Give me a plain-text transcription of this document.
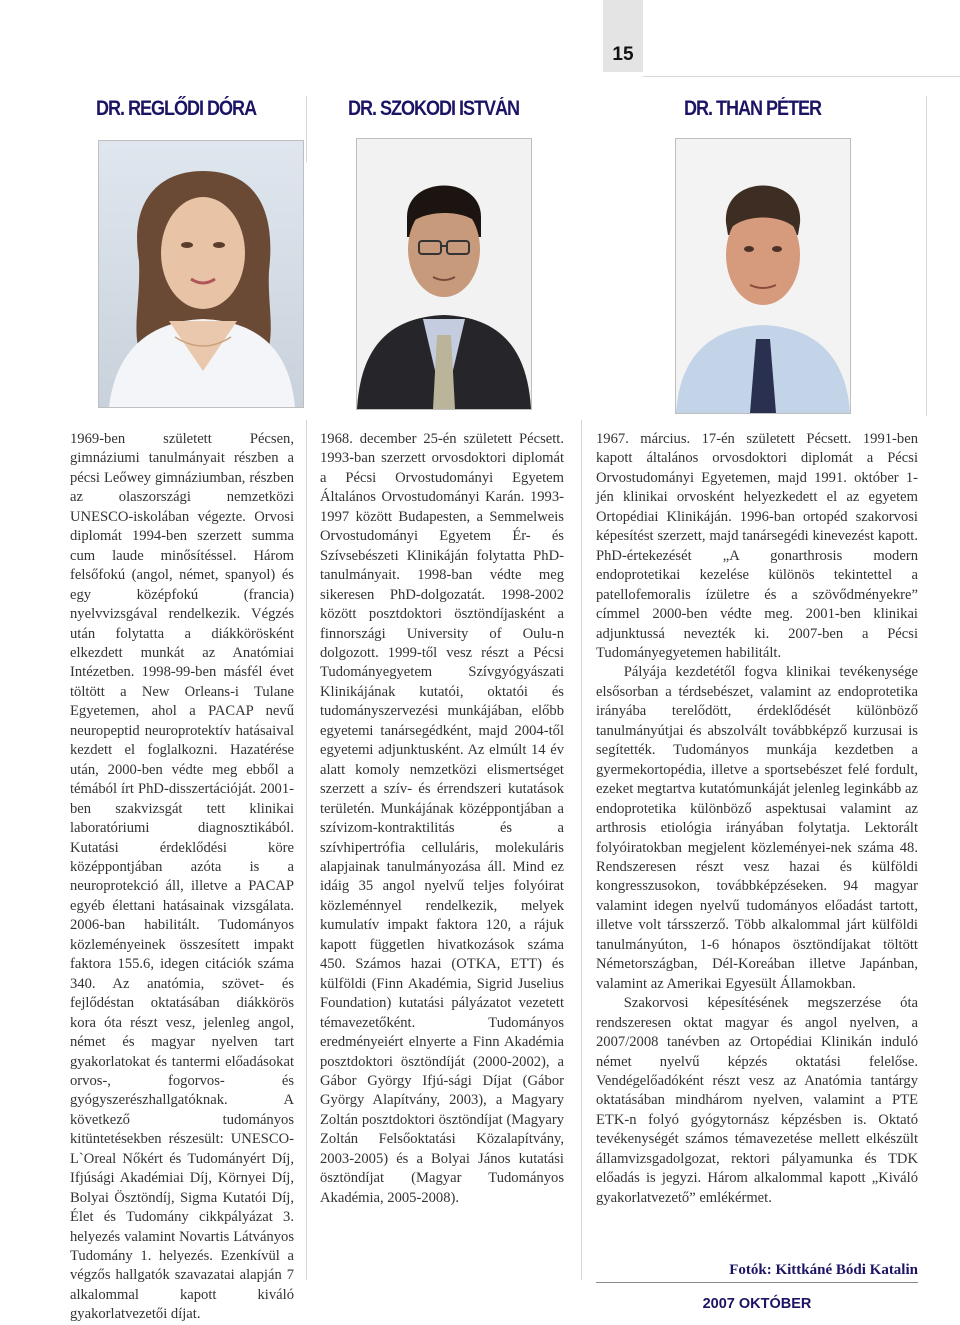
15
DR. REGLŐDI DÓRA	DR. SZOKODI ISTVÁN	DR. THAN PÉTER

1969-ben született Pécsen, gimnáziumi tanulmányait részben a pécsi Leőwey gimnáziumban, részben az olaszországi nemzetközi UNESCO-iskolában végezte. Orvosi diplomát 1994-ben szerzett summa cum laude minősítéssel. Három felsőfokú (angol, német, spanyol) és egy középfokú (francia) nyelvvizsgával rendelkezik. Végzés után folytatta a diákkörösként elkezdett munkát az Anatómiai Intézetben. 1998-99-ben másfél évet töltött a New Orleans-i Tulane Egyetemen, ahol a PACAP nevű neuropeptid neuroprotektív hatásaival kezdett el foglalkozni. Hazatérése után, 2000-ben védte meg ebből a témából írt PhD-disszertációját. 2001-ben szakvizsgát tett klinikai laboratóriumi diagnosztikából. Kutatási érdeklődési köre középpontjában azóta is a neuroprotekció áll, illetve a PACAP egyéb élettani hatásainak vizsgálata. 2006-ban habilitált. Tudományos közleményeinek összesített impakt faktora 155.6, idegen citációk száma 340. Az anatómia, szövet- és fejlődéstan oktatásában diákkörös kora óta részt vesz, jelenleg angol, német és magyar nyelven tart gyakorlatokat és tantermi előadásokat orvos-, fogorvos- és gyógyszerészhallgatóknak. A következő tudományos kitüntetésekben részesült: UNESCO-L`Oreal Nőkért és Tudományért Díj, Ifjúsági Akadémiai Díj, Környei Díj, Bolyai Ösztöndíj, Sigma Kutatói Díj, Élet és Tudomány cikkpályázat 3. helyezés valamint Novartis Látványos Tudomány 1. helyezés. Ezenkívül a végzős hallgatók szavazatai alapján 7 alkalommal kapott kiváló gyakorlatvezetői díjat.

1968. december 25-én született Pécsett. 1993-ban szerzett orvosdoktori diplomát a Pécsi Orvostudományi Egyetem Általános Orvostudományi Karán. 1993-1997 között Budapesten, a Semmelweis Orvostudományi Egyetem Ér- és Szívsebészeti Klinikáján folytatta PhD-tanulmányait. 1998-ban védte meg sikeresen PhD-dolgozatát. 1998-2002 között posztdoktori ösztöndíjasként a finnországi University of Oulu-n dolgozott. 1999-től vesz részt a Pécsi Tudományegyetem Szívgyógyászati Klinikájának kutatói, oktatói és tudományszervezési munkájában, előbb egyetemi tanársegédként, majd 2004-től egyetemi adjunktusként. Az elmúlt 14 év alatt komoly nemzetközi elismertséget szerzett a szív- és érrendszeri kutatások területén. Munkájának középpontjában a szívizom-kontraktilitás és a szívhipertrófia celluláris, molekuláris alapjainak tanulmányozása áll. Mind ez idáig 35 angol nyelvű teljes folyóirat közleménnyel rendelkezik, melyek kumulatív impakt faktora 120, a rájuk kapott független hivatkozások száma 450. Számos hazai (OTKA, ETT) és külföldi (Finn Akadémia, Sigrid Juselius Foundation) kutatási pályázatot vezetett témavezetőként. Tudományos eredményeiért elnyerte a Finn Akadémia posztdoktori ösztöndíját (2000-2002), a Gábor György Ifjú-sági Díjat (Gábor György Alapítvány, 2003), a Magyary Zoltán posztdoktori ösztöndíjat (Magyary Zoltán Felsőoktatási Közalapítvány, 2003-2005) és a Bolyai János kutatási ösztöndíjat (Magyar Tudományos Akadémia, 2005-2008).

1967. március. 17-én született Pécsett. 1991-ben kapott általános orvosdoktori diplomát a Pécsi Orvostudományi Egyetemen, majd 1991. október 1-jén klinikai orvosként helyezkedett el az egyetem Ortopédiai Klinikáján. 1996-ban ortopéd szakorvosi képesítést szerzett, majd tanársegédi kinevezést kapott. PhD-értekezését „A gonarthrosis modern endoprotetikai kezelése különös tekintettel a patellofemoralis ízületre és a szövődményekre” címmel 2000-ben védte meg. 2001-ben klinikai adjunktussá nevezték ki. 2007-ben a Pécsi Tudományegyetemen habilitált.

Pályája kezdetétől fogva klinikai tevékenysége elsősorban a térdsebészet, valamint az endoprotetika irányába terelődött, érdeklődését különböző tanulmányútjai és abszolvált továbbképző kurzusai is segítették. Tudományos munkája kezdetben a gyermekortopédia, illetve a sportsebészet felé fordult, ezeket megtartva kutatómunkáját jelenleg leginkább az endoprotetika különböző aspektusai valamint az arthrosis etiológia irányában folytatja. Lektorált folyóiratokban megjelent közleményei-nek száma 48. Rendszeresen részt vesz hazai és külföldi kongresszusokon, továbbképzéseken. 94 magyar valamint idegen nyelvű tudományos előadást tartott, illetve volt társszerző. Több alkalommal járt külföldi tanulmányúton, 1-6 hónapos ösztöndíjakat töltött Németországban, Dél-Koreában illetve Japánban, valamint az Amerikai Egyesült Államokban.

Szakorvosi képesítésének megszerzése óta rendszeresen oktat magyar és angol nyelven, a 2007/2008 tanévben az Ortopédiai Klinikán induló német nyelvű képzés oktatási felelőse. Vendégelőadóként részt vesz az Anatómia tantárgy oktatásában mindhárom nyelven, valamint a PTE ETK-n folyó gyógytornász képzésben is. Oktató tevékenységét számos témavezetése mellett elkészült államvizsgadolgozat, rektori pályamunka és TDK előadás is jegyzi. Három alkalommal kapott „Kiváló gyakorlatvezető” emlékérmet.

Fotók: Kittkáné Bódi Katalin
2007 OKTÓBER
